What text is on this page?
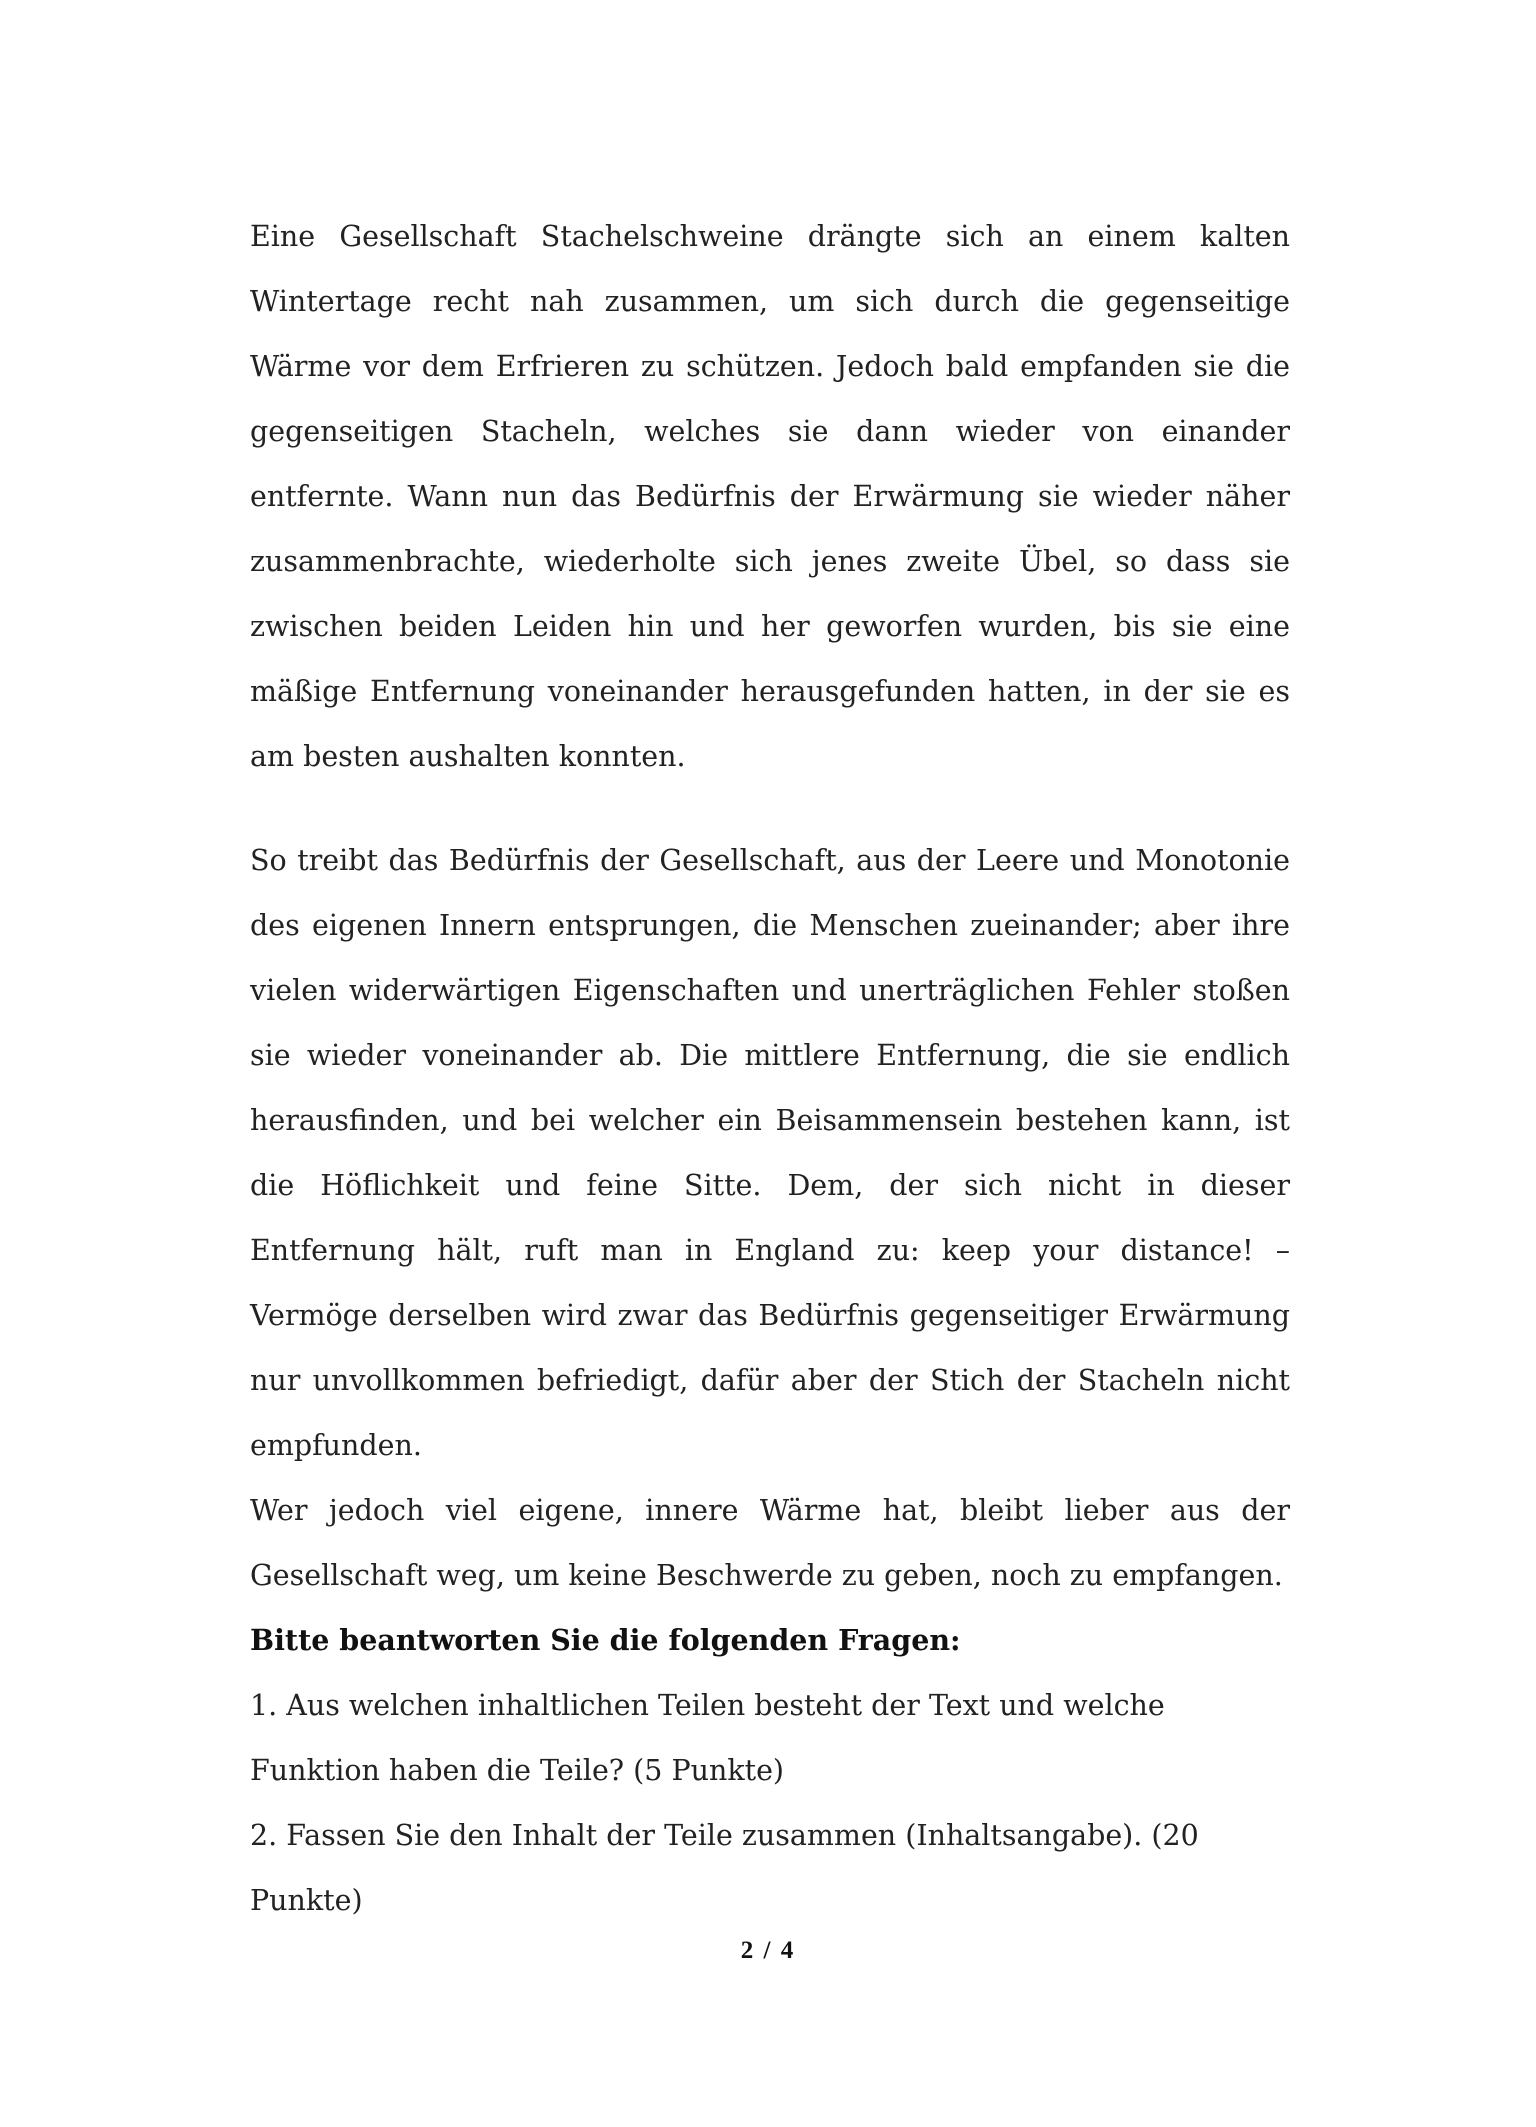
Eine Gesellschaft Stachelschweine drängte sich an einem kalten Wintertage recht nah zusammen, um sich durch die gegenseitige Wärme vor dem Erfrieren zu schützen. Jedoch bald empfanden sie die gegenseitigen Stacheln, welches sie dann wieder von einander entfernte. Wann nun das Bedürfnis der Erwärmung sie wieder näher zusammenbrachte, wiederholte sich jenes zweite Übel, so dass sie zwischen beiden Leiden hin und her geworfen wurden, bis sie eine mäßige Entfernung voneinander herausgefunden hatten, in der sie es am besten aushalten konnten.

So treibt das Bedürfnis der Gesellschaft, aus der Leere und Monotonie des eigenen Innern entsprungen, die Menschen zueinander; aber ihre vielen widerwärtigen Eigenschaften und unerträglichen Fehler stoßen sie wieder voneinander ab. Die mittlere Entfernung, die sie endlich herausfinden, und bei welcher ein Beisammensein bestehen kann, ist die Höflichkeit und feine Sitte. Dem, der sich nicht in dieser Entfernung hält, ruft man in England zu: keep your distance! – Vermöge derselben wird zwar das Bedürfnis gegenseitiger Erwärmung nur unvollkommen befriedigt, dafür aber der Stich der Stacheln nicht empfunden.

Wer jedoch viel eigene, innere Wärme hat, bleibt lieber aus der Gesellschaft weg, um keine Beschwerde zu geben, noch zu empfangen.

Bitte beantworten Sie die folgenden Fragen:

1. Aus welchen inhaltlichen Teilen besteht der Text und welche Funktion haben die Teile? (5 Punkte)

2. Fassen Sie den Inhalt der Teile zusammen (Inhaltsangabe). (20 Punkte)

2 / 4
